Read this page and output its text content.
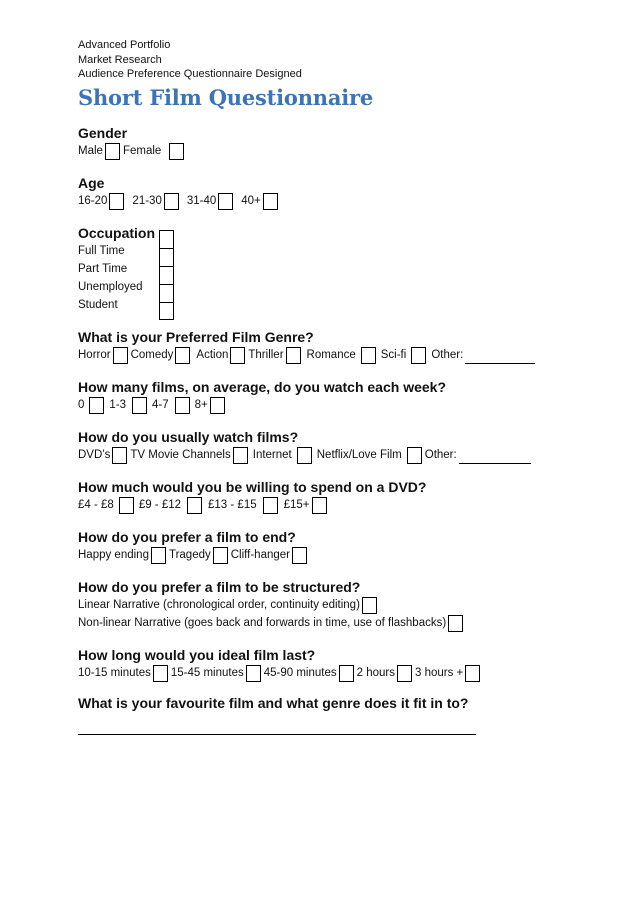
Advanced Portfolio
Market Research
Audience Preference Questionnaire Designed
Short Film Questionnaire
Gender
Male Female
Age
16-20 21-30 31-40 40+
Occupation
Full Time
Part Time
Unemployed
Student
What is your Preferred Film Genre?
Horror Comedy Action Thriller Romance Sci-fi Other:
How many films, on average, do you watch each week?
0 1-3 4-7 8+
How do you usually watch films?
DVD’s TV Movie Channels Internet Netflix/Love Film Other:
How much would you be willing to spend on a DVD?
£4 - £8 £9 - £12 £13 - £15 £15+
How do you prefer a film to end?
Happy ending Tragedy Cliff-hanger
How do you prefer a film to be structured?
Linear Narrative (chronological order, continuity editing)
Non-linear Narrative (goes back and forwards in time, use of flashbacks)
How long would you ideal film last?
10-15 minutes 15-45 minutes 45-90 minutes 2 hours 3 hours +
What is your favourite film and what genre does it fit in to?
